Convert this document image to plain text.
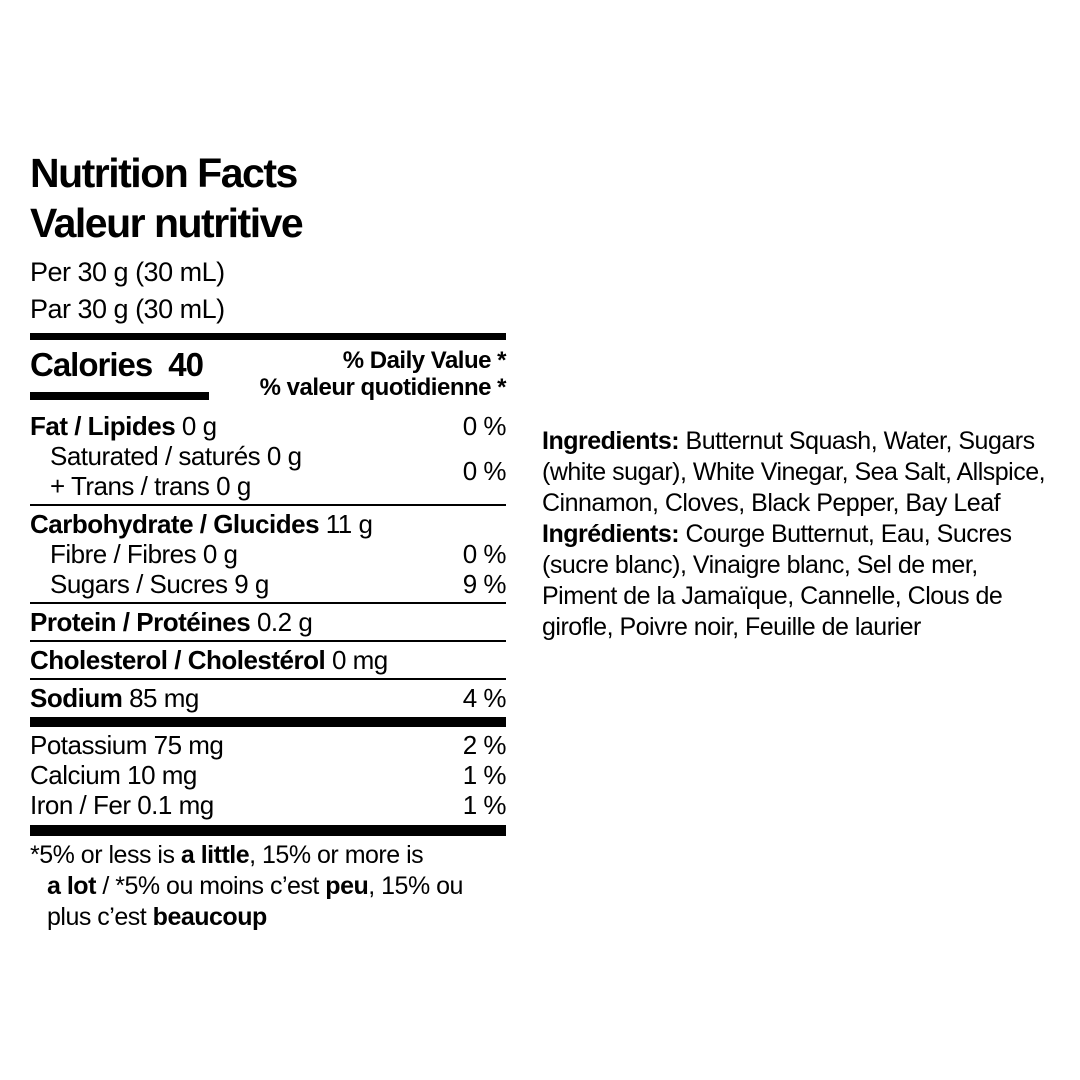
Nutrition Facts
Valeur nutritive
Per 30 g (30 mL)
Par 30 g (30 mL)
Calories 40	% Daily Value *
% valeur quotidienne *
Fat / Lipides 0 g	0 %
Saturated / saturés 0 g
+ Trans / trans 0 g	0 %
Carbohydrate / Glucides 11 g
Fibre / Fibres 0 g	0 %
Sugars / Sucres 9 g	9 %
Protein / Protéines 0.2 g
Cholesterol / Cholestérol 0 mg
Sodium 85 mg	4 %
Potassium 75 mg	2 %
Calcium 10 mg	1 %
Iron / Fer 0.1 mg	1 %
*5% or less is a little, 15% or more is
a lot / *5% ou moins c’est peu, 15% ou
plus c’est beaucoup
Ingredients: Butternut Squash, Water, Sugars
(white sugar), White Vinegar, Sea Salt, Allspice,
Cinnamon, Cloves, Black Pepper, Bay Leaf
Ingrédients: Courge Butternut, Eau, Sucres
(sucre blanc), Vinaigre blanc, Sel de mer,
Piment de la Jamaïque, Cannelle, Clous de
girofle, Poivre noir, Feuille de laurier
